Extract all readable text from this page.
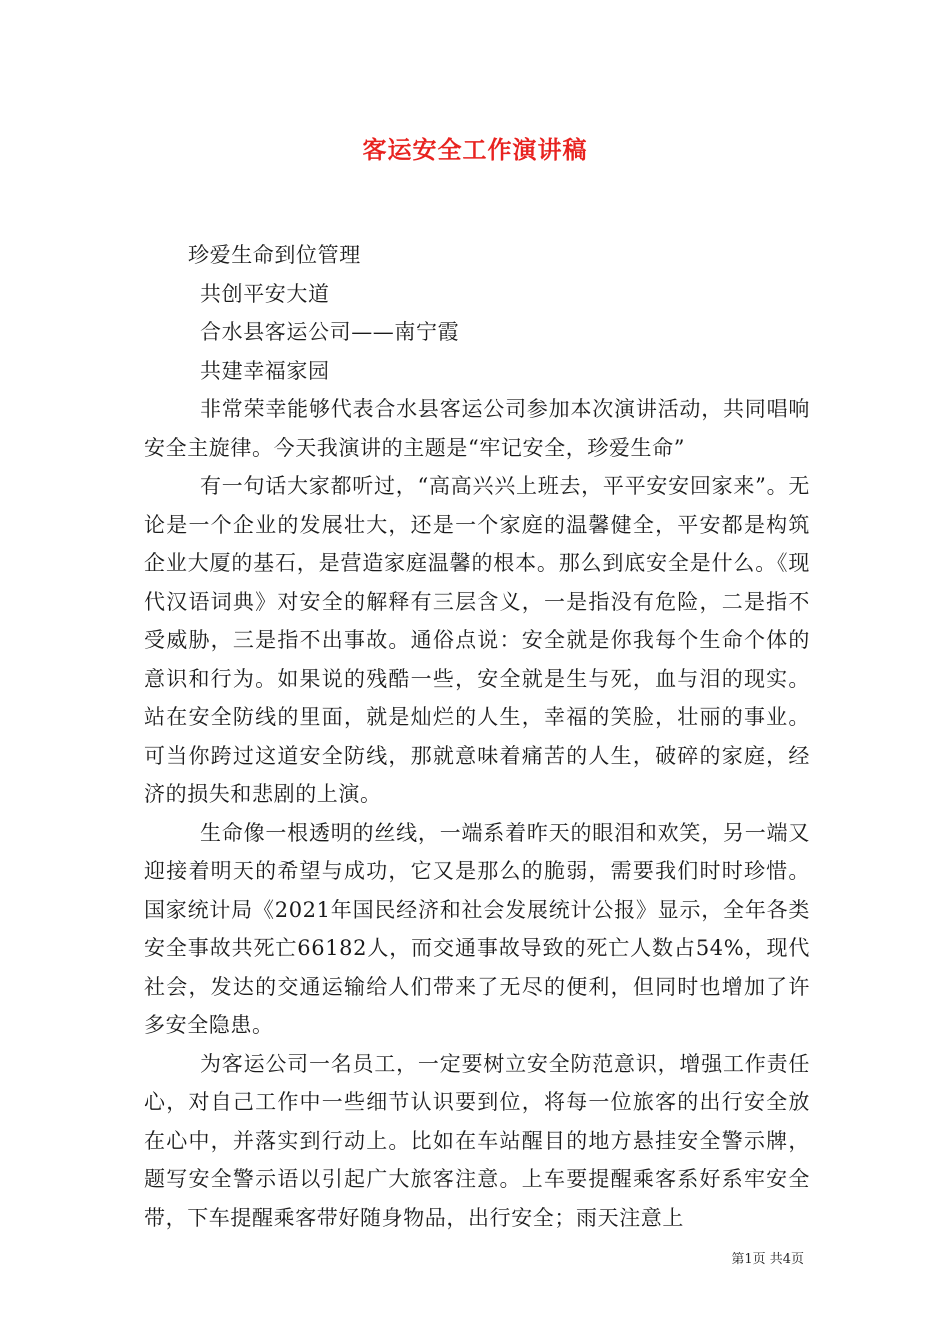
客运安全工作演讲稿

珍爱生命到位管理

共创平安大道

合水县客运公司——南宁霞

共建幸福家园

非常荣幸能够代表合水县客运公司参加本次演讲活动，共同唱响安全主旋律。今天我演讲的主题是“牢记安全，珍爱生命”

有一句话大家都听过，“高高兴兴上班去，平平安安回家来”。无论是一个企业的发展壮大，还是一个家庭的温馨健全，平安都是构筑企业大厦的基石，是营造家庭温馨的根本。那么到底安全是什么。《现代汉语词典》对安全的解释有三层含义，一是指没有危险，二是指不受威胁，三是指不出事故。通俗点说：安全就是你我每个生命个体的意识和行为。如果说的残酷一些，安全就是生与死，血与泪的现实。站在安全防线的里面，就是灿烂的人生，幸福的笑脸，壮丽的事业。可当你跨过这道安全防线，那就意味着痛苦的人生，破碎的家庭，经济的损失和悲剧的上演。

生命像一根透明的丝线，一端系着昨天的眼泪和欢笑，另一端又迎接着明天的希望与成功，它又是那么的脆弱，需要我们时时珍惜。国家统计局《2021年国民经济和社会发展统计公报》显示，全年各类安全事故共死亡66182人，而交通事故导致的死亡人数占54%，现代社会，发达的交通运输给人们带来了无尽的便利，但同时也增加了许多安全隐患。

为客运公司一名员工，一定要树立安全防范意识，增强工作责任心，对自己工作中一些细节认识要到位，将每一位旅客的出行安全放在心中，并落实到行动上。比如在车站醒目的地方悬挂安全警示牌，题写安全警示语以引起广大旅客注意。上车要提醒乘客系好系牢安全带，下车提醒乘客带好随身物品，出行安全；雨天注意上

第1页 共4页
